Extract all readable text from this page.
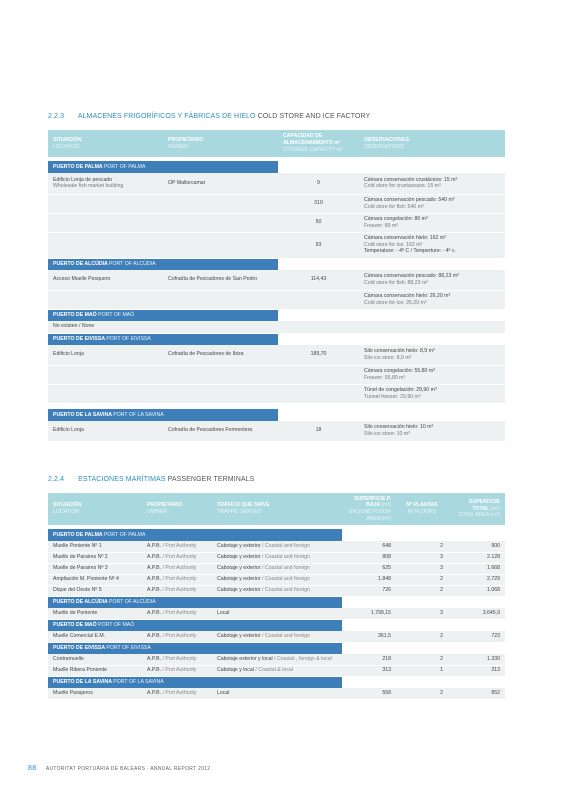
2.2.3 ALMACENES FRIGORÍFICOS Y FÁBRICAS DE HIELO COLD STORE AND ICE FACTORY
SITUACIÓN
LOCATION	PROPIETARIO
OWNER	CAPACIDAD DE ALMACENAMIENTO m³
STORAGE CAPACITY m³	OBSERVACIONES
OBSERVATIONS

PUERTO DE PALMA PORT OF PALMA			
Edificio Lonja de pescado
Wholesale fish market building	OP Mallorcamar	9	Cámara conservación crustáceos: 15 m³
Cold store for crustaceans: 15 m³

		310	Cámara conservación pescado: 540 m³
Cold store for fish: 540 m³

		50	Cámara congelación: 80 m³
Freezer: 80 m³

		93	Cámara conservación hielo: 162 m³
Cold store for ice: 162 m³
Temperature: - 4º C / Temperture: - 4º c.
PUERTO DE ALCÚDIA PORT OF ALCÚDIA			
Acceso Muelle Pesquero	Cofradía de Pescadores de San Pedro	114,43	Cámara conservación pescado: 88,23 m³
Cold store for fish: 88,23 m³

			Cámara conservación hielo: 26,20 m³
Cold store for ice: 26,20 m³

PUERTO DE MAÓ PORT OF MAÓ			
No existen / None			
PUERTO DE EIVISSA PORT OF EIVISSA			
Edificio Lonja	Cofradía de Pescadores de Ibiza	189,70	Silo conservación hielo: 8,9 m³
Silo ice store: 8,9 m³

			Cámara congelación: 55,80 m³
Freezer: 55,80 m³

			Túnel de congelación: 29,90 m³
Tunnel freezer: 29,90 m³

PUERTO DE LA SAVINA PORT OF LA SAVINA			
Edificio Lonja	Cofradía de Pescadores Formentera	18	Silo conservación hielo: 10 m³
Silo ice store: 10 m³
2.2.4 ESTACIONES MARÍTIMAS PASSENGER TERMINALS
SITUACIÓN
LOCATION	PROPIETARIO
OWNER	TRÁFICO QUE SIRVE
TRAFFIC SERVED	SUPERFICIE P. BAJA (m²)
GROUND FLOOR AREA (m²)	Nº PLANTAS
Nº FLOORS	SUPERFICIE TOTAL (m²)
TOTAL AREA (m²)

PUERTO DE PALMA PORT OF PALMA					
Muelle Poniente Nº 1	A.P.B. / Port Authority	Cabotaje y exterior / Coastal and foreign	648	2	900
Muelle de Paraires Nº 2	A.P.B. / Port Authority	Cabotaje y exterior / Coastal and foreign	808	3	2.128
Muelle de Paraires Nº 3	A.P.B. / Port Authority	Cabotaje y exterior / Coastal and foreign	625	3	1.668
Ampliación M. Poniente Nº 4	A.P.B. / Port Authority	Cabotaje y exterior / Coastal and foreign	1.848	2	2.729
Dique del Oeste Nº 5	A.P.B. / Port Authority	Cabotaje y exterior / Coastal and foreign	726	2	1.068
PUERTO DE ALCÚDIA PORT OF ALCÚDIA					
Muelle de Poniente	A.P.B. / Port Authority	Local	1.799,15	3	3.645,9
PUERTO DE MAÓ PORT OF MAÓ					
Muelle Comercial E.M.	A.P.B. / Port Authority	Cabotaje y exterior / Coastal and foreign	361,5	2	723
PUERTO DE EIVISSA PORT OF EIVISSA					
Contramuelle	A.P.B. / Port Authority	Cabotaje exterior y local / Coastal , foreign & local	218	2	1.330
Muelle Ribera Poniente	A.P.B. / Port Authority	Cabotaje y local / Coastal & local	313	1	313
PUERTO DE LA SAVINA PORT OF LA SAVINA					
Muelle Pasajeros	A.P.B. / Port Authority	Local	558	2	852
88 AUTORITAT PORTUÀRIA DE BALEARS · ANNUAL REPORT 2012
